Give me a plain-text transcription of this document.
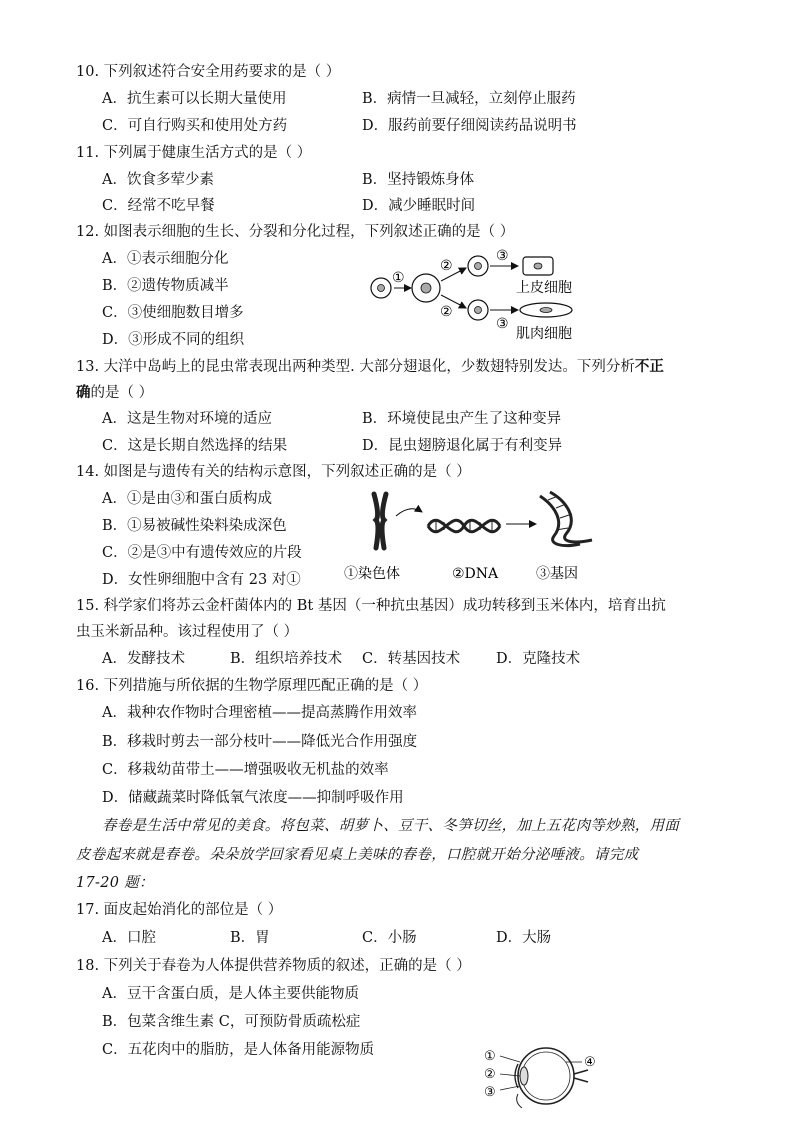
10. 下列叙述符合安全用药要求的是（ ）
A．抗生素可以长期大量使用	B．病情一旦减轻，立刻停止服药
C．可自行购买和使用处方药	D．服药前要仔细阅读药品说明书
11. 下列属于健康生活方式的是（ ）
A．饮食多荤少素	B．坚持锻炼身体
C．经常不吃早餐	D．减少睡眠时间
12. 如图表示细胞的生长、分裂和分化过程，下列叙述正确的是（ ）
A．①表示细胞分化
B．②遗传物质减半
C．③使细胞数目增多
D．③形成不同的组织
①
②
②
③
上皮细胞
③
肌肉细胞
13. 大洋中岛屿上的昆虫常表现出两种类型. 大部分翅退化，少数翅特别发达。下列分析不正
确的是（ ）
A．这是生物对环境的适应	B．环境使昆虫产生了这种变异
C．这是长期自然选择的结果	D．昆虫翅膀退化属于有利变异
14. 如图是与遗传有关的结构示意图，下列叙述正确的是（ ）
A．①是由③和蛋白质构成
B．①易被碱性染料染成深色
C．②是③中有遗传效应的片段
D．女性卵细胞中含有 23 对①	①染色体	②DNA	③基因
15. 科学家们将苏云金杆菌体内的 Bt 基因（一种抗虫基因）成功转移到玉米体内，培育出抗
虫玉米新品种。该过程使用了（ ）
A．发酵技术	B．组织培养技术 C．转基因技术 D．克隆技术
16. 下列措施与所依据的生物学原理匹配正确的是（ ）
A．栽种农作物时合理密植——提高蒸腾作用效率
B．移栽时剪去一部分枝叶——降低光合作用强度
C．移栽幼苗带土——增强吸收无机盐的效率
D．储藏蔬菜时降低氧气浓度——抑制呼吸作用
春卷是生活中常见的美食。将包菜、胡萝卜、豆干、冬笋切丝，加上五花肉等炒熟，用面
皮卷起来就是春卷。朵朵放学回家看见桌上美味的春卷，口腔就开始分泌唾液。请完成
17-20 题：
17. 面皮起始消化的部位是（ ）
A．口腔	B．胃	C．小肠	D．大肠
18. 下列关于春卷为人体提供营养物质的叙述，正确的是（ ）
A．豆干含蛋白质，是人体主要供能物质
B．包菜含维生素 C，可预防骨质疏松症
C．五花肉中的脂肪，是人体备用能源物质	①
②
③
④
